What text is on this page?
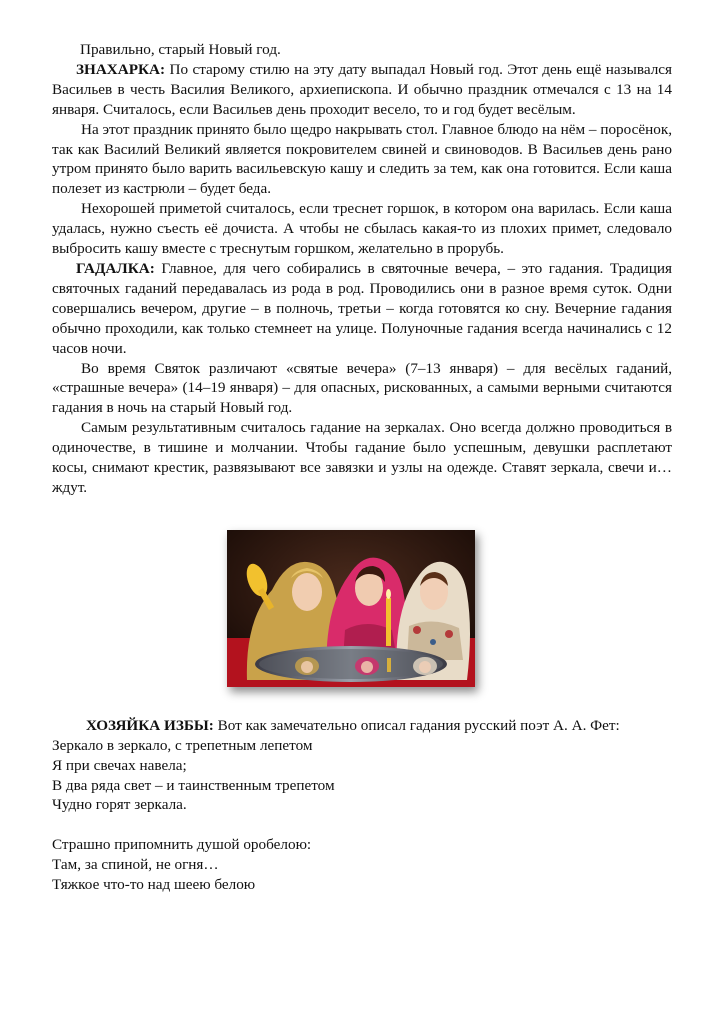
Правильно, старый Новый год.

ЗНАХАРКА: По старому стилю на эту дату выпадал Новый год. Этот день ещё назывался Васильев в честь Василия Великого, архиепископа. И обычно праздник отмечался с 13 на 14 января. Считалось, если Васильев день проходит весело, то и год будет весёлым.

На этот праздник принято было щедро накрывать стол. Главное блюдо на нём – поросёнок, так как Василий Великий является покровителем свиней и свиноводов. В Васильев день рано утром принято было варить васильевскую кашу и следить за тем, как она готовится. Если каша полезет из кастрюли – будет беда.

Нехорошей приметой считалось, если треснет горшок, в котором она варилась. Если каша удалась, нужно съесть её дочиста. А чтобы не сбылась какая-то из плохих примет, следовало выбросить кашу вместе с треснутым горшком, желательно в прорубь.

ГАДАЛКА: Главное, для чего собирались в святочные вечера, – это гадания. Традиция святочных гаданий передавалась из рода в род. Проводились они в разное время суток. Одни совершались вечером, другие – в полночь, третьи – когда готовятся ко сну. Вечерние гадания обычно проходили, как только стемнеет на улице. Полуночные гадания всегда начинались с 12 часов ночи.

Во время Святок различают «святые вечера» (7–13 января) – для весёлых гаданий, «страшные вечера» (14–19 января) – для опасных, рискованных, а самыми верными считаются гадания в ночь на старый Новый год.

Самым результативным считалось гадание на зеркалах. Оно всегда должно проводиться в одиночестве, в тишине и молчании. Чтобы гадание было успешным, девушки расплетают косы, снимают крестик, развязывают все завязки и узлы на одежде. Ставят зеркала, свечи и… ждут.

ХОЗЯЙКА ИЗБЫ: Вот как замечательно описал гадания русский поэт А. А. Фет:

Зеркало в зеркало, с трепетным лепетом

Я при свечах навела;

В два ряда свет – и таинственным трепетом

Чудно горят зеркала.

Страшно припомнить душой оробелою:

Там, за спиной, не огня…

Тяжкое что-то над шеею белою
